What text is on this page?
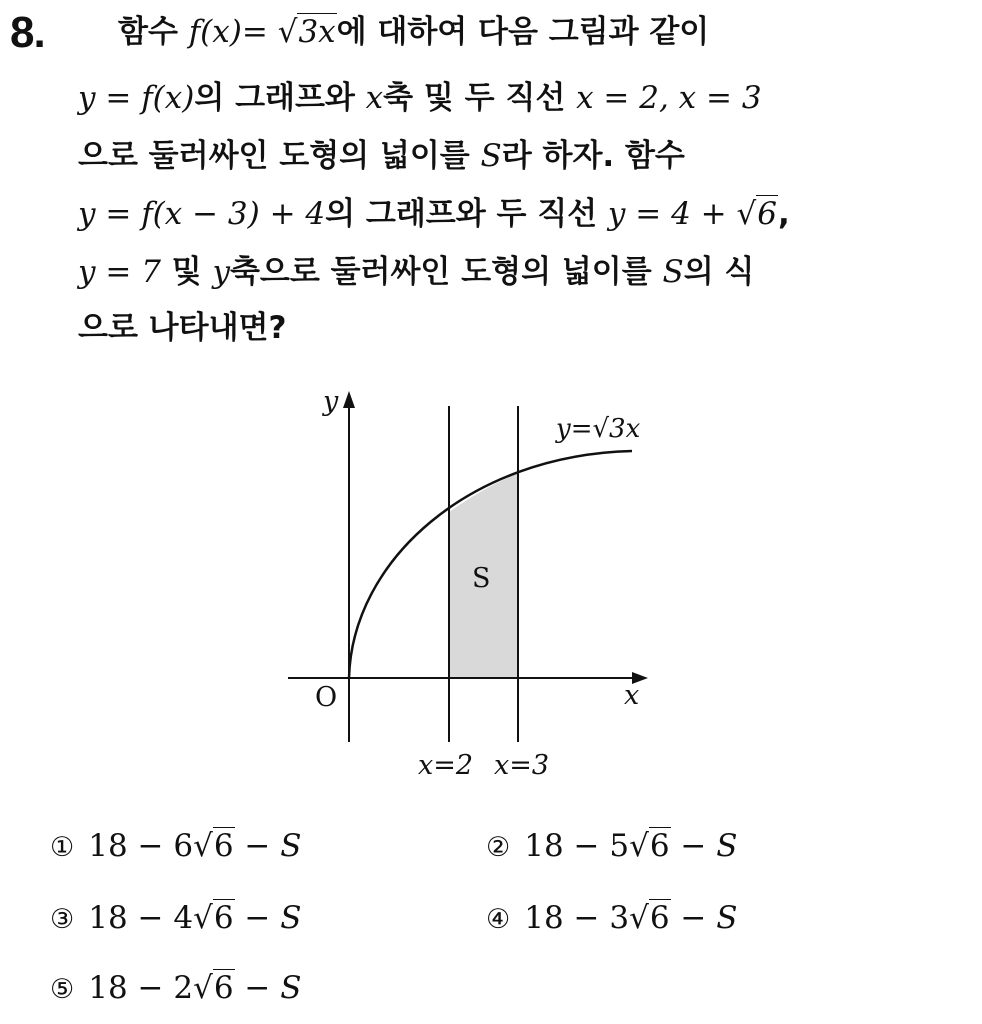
8. 함수 f(x)= √3x에 대하여 다음 그림과 같이
y = f(x)의 그래프와 x축 및 두 직선 x = 2, x = 3
으로 둘러싸인 도형의 넓이를 S라 하자. 함수
y = f(x − 3) + 4의 그래프와 두 직선 y = 4 + √6,
y = 7 및 y축으로 둘러싸인 도형의 넓이를 S의 식
으로 나타내면?
y
x
O
y=√3x
S
x=2 x=3
① 18 − 6√6 − S	② 18 − 5√6 − S
③ 18 − 4√6 − S	④ 18 − 3√6 − S
⑤ 18 − 2√6 − S
